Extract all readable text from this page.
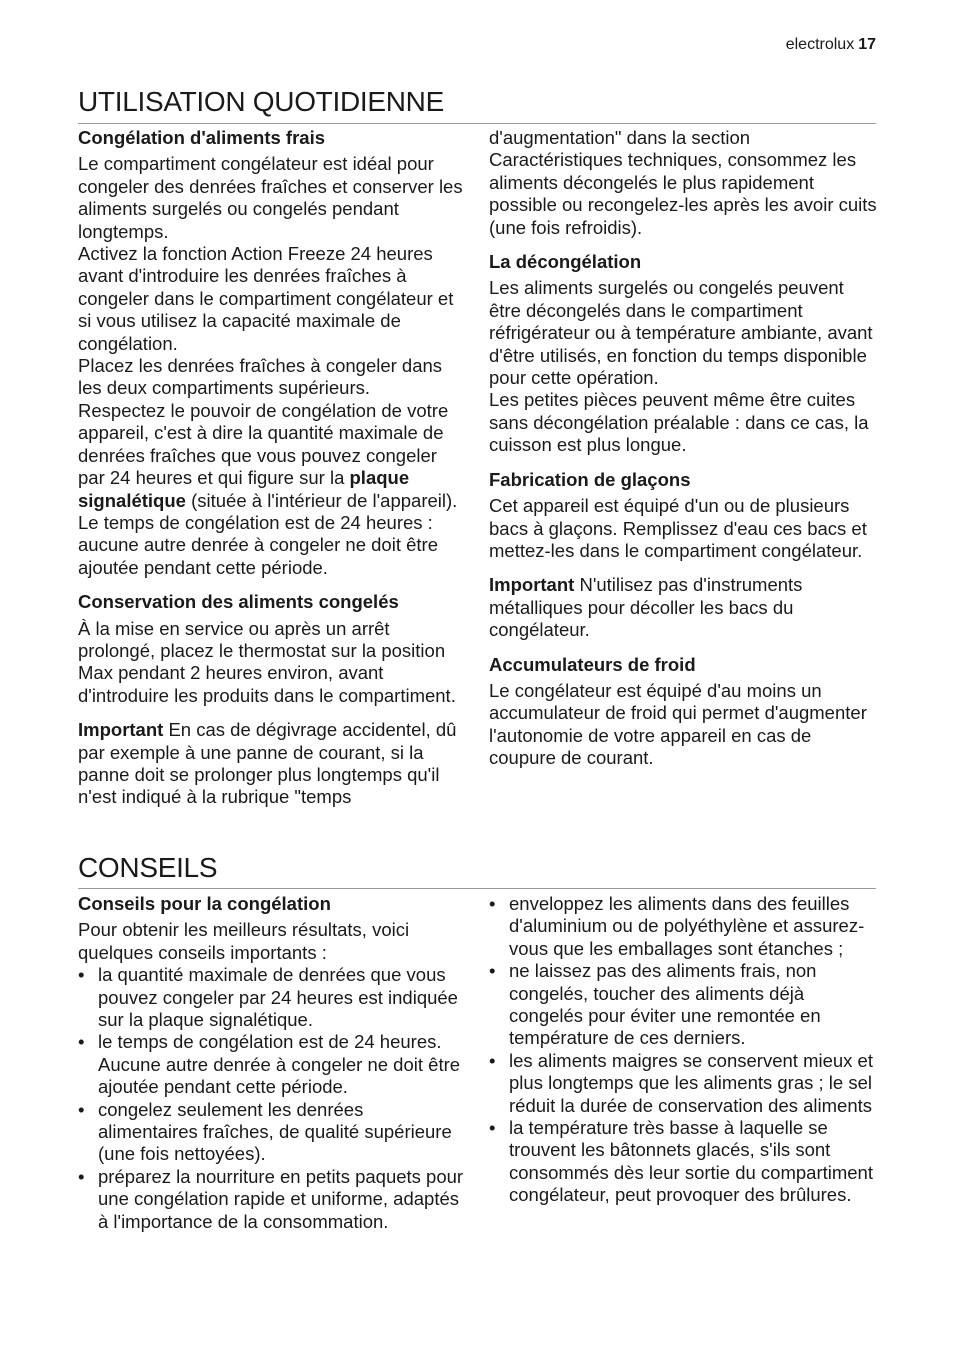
electrolux 17
UTILISATION QUOTIDIENNE
Congélation d'aliments frais

Le compartiment congélateur est idéal pour congeler des denrées fraîches et conserver les aliments surgelés ou congelés pendant longtemps.

Activez la fonction Action Freeze 24 heures avant d'introduire les denrées fraîches à congeler dans le compartiment congélateur et si vous utilisez la capacité maximale de congélation.

Placez les denrées fraîches à congeler dans les deux compartiments supérieurs.

Respectez le pouvoir de congélation de votre appareil, c'est à dire la quantité maximale de denrées fraîches que vous pouvez congeler par 24 heures et qui figure sur la plaque signalétique (située à l'intérieur de l'appareil).

Le temps de congélation est de 24 heures : aucune autre denrée à congeler ne doit être ajoutée pendant cette période.

Conservation des aliments congelés

À la mise en service ou après un arrêt prolongé, placez le thermostat sur la position Max pendant 2 heures environ, avant d'introduire les produits dans le compartiment.

Important En cas de dégivrage accidentel, dû par exemple à une panne de courant, si la panne doit se prolonger plus longtemps qu'il n'est indiqué à la rubrique "temps

d'augmentation" dans la section Caractéristiques techniques, consommez les aliments décongelés le plus rapidement possible ou recongelez-les après les avoir cuits (une fois refroidis).

La décongélation

Les aliments surgelés ou congelés peuvent être décongelés dans le compartiment réfrigérateur ou à température ambiante, avant d'être utilisés, en fonction du temps disponible pour cette opération.

Les petites pièces peuvent même être cuites sans décongélation préalable : dans ce cas, la cuisson est plus longue.

Fabrication de glaçons

Cet appareil est équipé d'un ou de plusieurs bacs à glaçons. Remplissez d'eau ces bacs et mettez-les dans le compartiment congélateur.

Important N'utilisez pas d'instruments métalliques pour décoller les bacs du congélateur.

Accumulateurs de froid

Le congélateur est équipé d'au moins un accumulateur de froid qui permet d'augmenter l'autonomie de votre appareil en cas de coupure de courant.

CONSEILS
Conseils pour la congélation

Pour obtenir les meilleurs résultats, voici quelques conseils importants :

• la quantité maximale de denrées que vous pouvez congeler par 24 heures est indiquée sur la plaque signalétique.
• le temps de congélation est de 24 heures. Aucune autre denrée à congeler ne doit être ajoutée pendant cette période.
• congelez seulement les denrées alimentaires fraîches, de qualité supérieure (une fois nettoyées).
• préparez la nourriture en petits paquets pour une congélation rapide et uniforme, adaptés à l'importance de la consommation.
• enveloppez les aliments dans des feuilles d'aluminium ou de polyéthylène et assurez-vous que les emballages sont étanches ;
• ne laissez pas des aliments frais, non congelés, toucher des aliments déjà congelés pour éviter une remontée en température de ces derniers.
• les aliments maigres se conservent mieux et plus longtemps que les aliments gras ; le sel réduit la durée de conservation des aliments
• la température très basse à laquelle se trouvent les bâtonnets glacés, s'ils sont consommés dès leur sortie du compartiment congélateur, peut provoquer des brûlures.
